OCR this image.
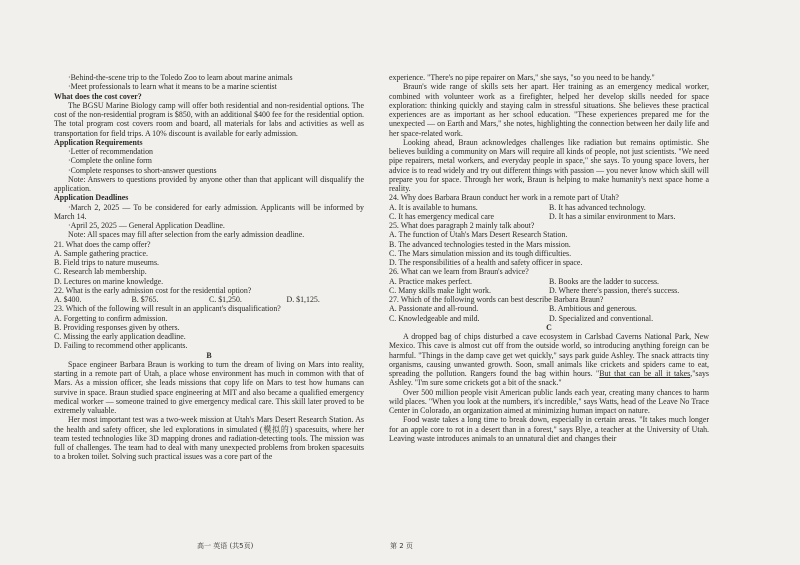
·Behind-the-scene trip to the Toledo Zoo to learn about marine animals
·Meet professionals to learn what it means to be a marine scientist
What does the cost cover?
The BGSU Marine Biology camp will offer both residential and non-residential options. The cost of the non-residential program is $850, with an additional $400 fee for the residential option. The total program cost covers room and board, all materials for labs and activities as well as transportation for field trips. A 10% discount is available for early admission.
Application Requirements
·Letter of recommendation
·Complete the online form
·Complete responses to short-answer questions
Note: Answers to questions provided by anyone other than that applicant will disqualify the application.
Application Deadlines
·March 2, 2025 — To be considered for early admission. Applicants will be informed by March 14.
·April 25, 2025 — General Application Deadline.
Note: All spaces may fill after selection from the early admission deadline.
21. What does the camp offer?
A. Sample gathering practice.
B. Field trips to nature museums.
C. Research lab membership.
D. Lectures on marine knowledge.
22. What is the early admission cost for the residential option?
A. $400.	B. $765.	C. $1,250.	D. $1,125.
23. Which of the following will result in an applicant's disqualification?
A. Forgetting to confirm admission.
B. Providing responses given by others.
C. Missing the early application deadline.
D. Failing to recommend other applicants.
B
Space engineer Barbara Braun is working to turn the dream of living on Mars into reality, starting in a remote part of Utah, a place whose environment has much in common with that of Mars. As a mission officer, she leads missions that copy life on Mars to test how humans can survive in space. Braun studied space engineering at MIT and also became a qualified emergency medical worker — someone trained to give emergency medical care. This skill later proved to be extremely valuable.
Her most important test was a two-week mission at Utah's Mars Desert Research Station. As the health and safety officer, she led explorations in simulated (模拟的) spacesuits, where her team tested technologies like 3D mapping drones and radiation-detecting tools. The mission was full of challenges. The team had to deal with many unexpected problems from broken spacesuits to a broken toilet. Solving such practical issues was a core part of the
experience. "There's no pipe repairer on Mars," she says, "so you need to be handy."
Braun's wide range of skills sets her apart. Her training as an emergency medical worker, combined with volunteer work as a firefighter, helped her develop skills needed for space exploration: thinking quickly and staying calm in stressful situations. She believes these practical experiences are as important as her school education. "These experiences prepared me for the unexpected — on Earth and Mars," she notes, highlighting the connection between her daily life and her space-related work.
Looking ahead, Braun acknowledges challenges like radiation but remains optimistic. She believes building a community on Mars will require all kinds of people, not just scientists. "We need pipe repairers, metal workers, and everyday people in space," she says. To young space lovers, her advice is to read widely and try out different things with passion — you never know which skill will prepare you for space. Through her work, Braun is helping to make humanity's next space home a reality.
24. Why does Barbara Braun conduct her work in a remote part of Utah?
A. It is available to humans.	B. It has advanced technology.
C. It has emergency medical care	D. It has a similar environment to Mars.
25. What does paragraph 2 mainly talk about?
A. The function of Utah's Mars Desert Research Station.
B. The advanced technologies tested in the Mars mission.
C. The Mars simulation mission and its tough difficulties.
D. The responsibilities of a health and safety officer in space.
26. What can we learn from Braun's advice?
A. Practice makes perfect.	B. Books are the ladder to success.
C. Many skills make light work.	D. Where there's passion, there's success.
27. Which of the following words can best describe Barbara Braun?
A. Passionate and all-round.	B. Ambitious and generous.
C. Knowledgeable and mild.	D. Specialized and conventional.
C
A dropped bag of chips disturbed a cave ecosystem in Carlsbad Caverns National Park, New Mexico. This cave is almost cut off from the outside world, so introducing anything foreign can be harmful. "Things in the damp cave get wet quickly," says park guide Ashley. The snack attracts tiny organisms, causing unwanted growth. Soon, small animals like crickets and spiders came to eat, spreading the pollution. Rangers found the bag within hours. "But that can be all it takes,"says Ashley. "I'm sure some crickets got a bit of the snack."
Over 500 million people visit American public lands each year, creating many chances to harm wild places. "When you look at the numbers, it's incredible," says Watts, head of the Leave No Trace Center in Colorado, an organization aimed at minimizing human impact on nature.
Food waste takes a long time to break down, especially in certain areas. "It takes much longer for an apple core to rot in a desert than in a forest," says Blye, a teacher at the University of Utah. Leaving waste introduces animals to an unnatural diet and changes their
高一 英语 (共5页)	第 2 页
